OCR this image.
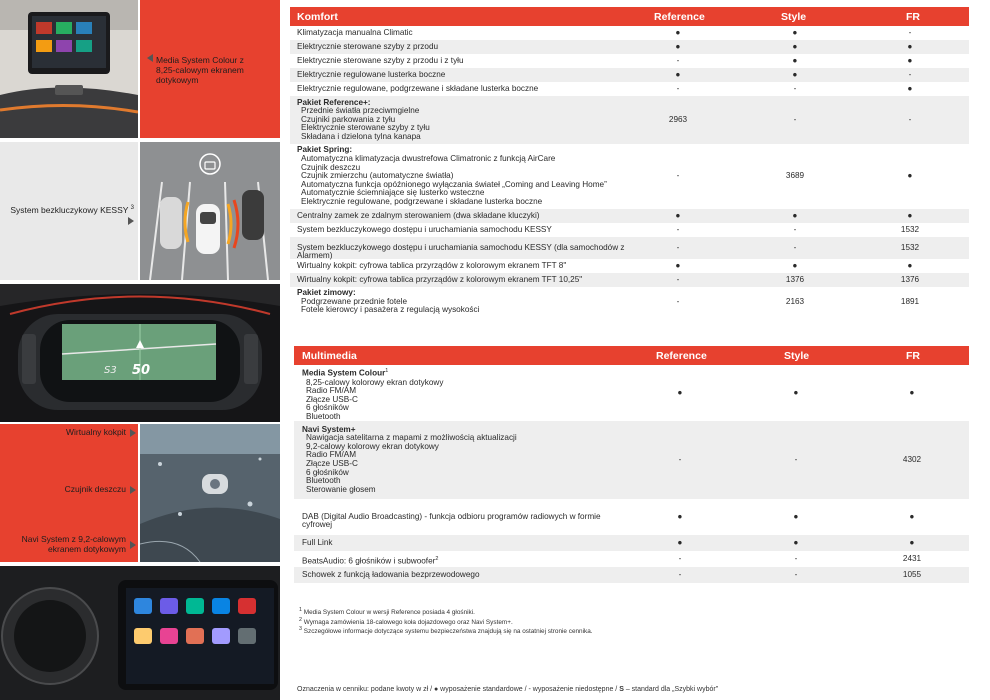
Media System Colour z 8,25-calowym ekranem dotykowym
System bezkluczykowy KESSY $^3$
S3 50
Wirtualny kokpit
Czujnik deszczu
Navi System z 9,2-calowym ekranem dotykowym
Komfort	Reference	Style	FR
Klimatyzacja manualna Climatic	●	●	-
Elektrycznie sterowane szyby z przodu	●	●	●
Elektrycznie sterowane szyby z przodu i z tyłu	-	●	●
Elektrycznie regulowane lusterka boczne	●	●	-
Elektrycznie regulowane, podgrzewane i składane lusterka boczne	-	-	●
Pakiet Reference+:
Przednie światła przeciwmgielne
Czujniki parkowania z tyłu
Elektrycznie sterowane szyby z tyłu
Składana i dzielona tylna kanapa
2963	-	-
Pakiet Spring:
Automatyczna klimatyzacja dwustrefowa Climatronic z funkcją AirCare
Czujnik deszczu
Czujnik zmierzchu (automatyczne światła)
Automatyczna funkcja opóźnionego wyłączania świateł „Coming and Leaving Home”
Automatycznie ściemniające się lusterko wsteczne
Elektrycznie regulowane, podgrzewane i składane lusterka boczne
-	3689	●
Centralny zamek ze zdalnym sterowaniem (dwa składane kluczyki)	●	●	●
System bezkluczykowego dostępu i uruchamiania samochodu KESSY	-	-	1532
System bezkluczykowego dostępu i uruchamiania samochodu KESSY (dla samochodów z Alarmem)
-	-	1532
Wirtualny kokpit: cyfrowa tablica przyrządów z kolorowym ekranem TFT 8"	●	●	●
Wirtualny kokpit: cyfrowa tablica przyrządów z kolorowym ekranem TFT 10,25"	-	1376	1376
Pakiet zimowy:
Podgrzewane przednie fotele
Fotele kierowcy i pasażera z regulacją wysokości
-	2163	1891
Multimedia	Reference	Style	FR
Media System Colour$^1$
8,25-calowy kolorowy ekran dotykowy
Radio FM/AM
Złącze USB-C
6 głośników
Bluetooth
●	●	●
Navi System+
Nawigacja satelitarna z mapami z możliwością aktualizacji
9,2-calowy kolorowy ekran dotykowy
Radio FM/AM
Złącze USB-C
6 głośników
Bluetooth
Sterowanie głosem
-	-	4302
DAB (Digital Audio Broadcasting) - funkcja odbioru programów radiowych w formie cyfrowej
●	●	●
Full Link	●	●	●
BeatsAudio: 6 głośników i subwoofer$^2$	-	-	2431
Schowek z funkcją ładowania bezprzewodowego	-	-	1055
$^1$ Media System Colour w wersji Reference posiada 4 głośniki.
$^2$ Wymaga zamówienia 18-calowego koła dojazdowego oraz Navi System+.
$^3$ Szczegółowe informacje dotyczące systemu bezpieczeństwa znajdują się na ostatniej stronie cennika.
Oznaczenia w cenniku: podane kwoty w zł / ● wyposażenie standardowe / - wyposażenie niedostępne / S – standard dla „Szybki wybór”
